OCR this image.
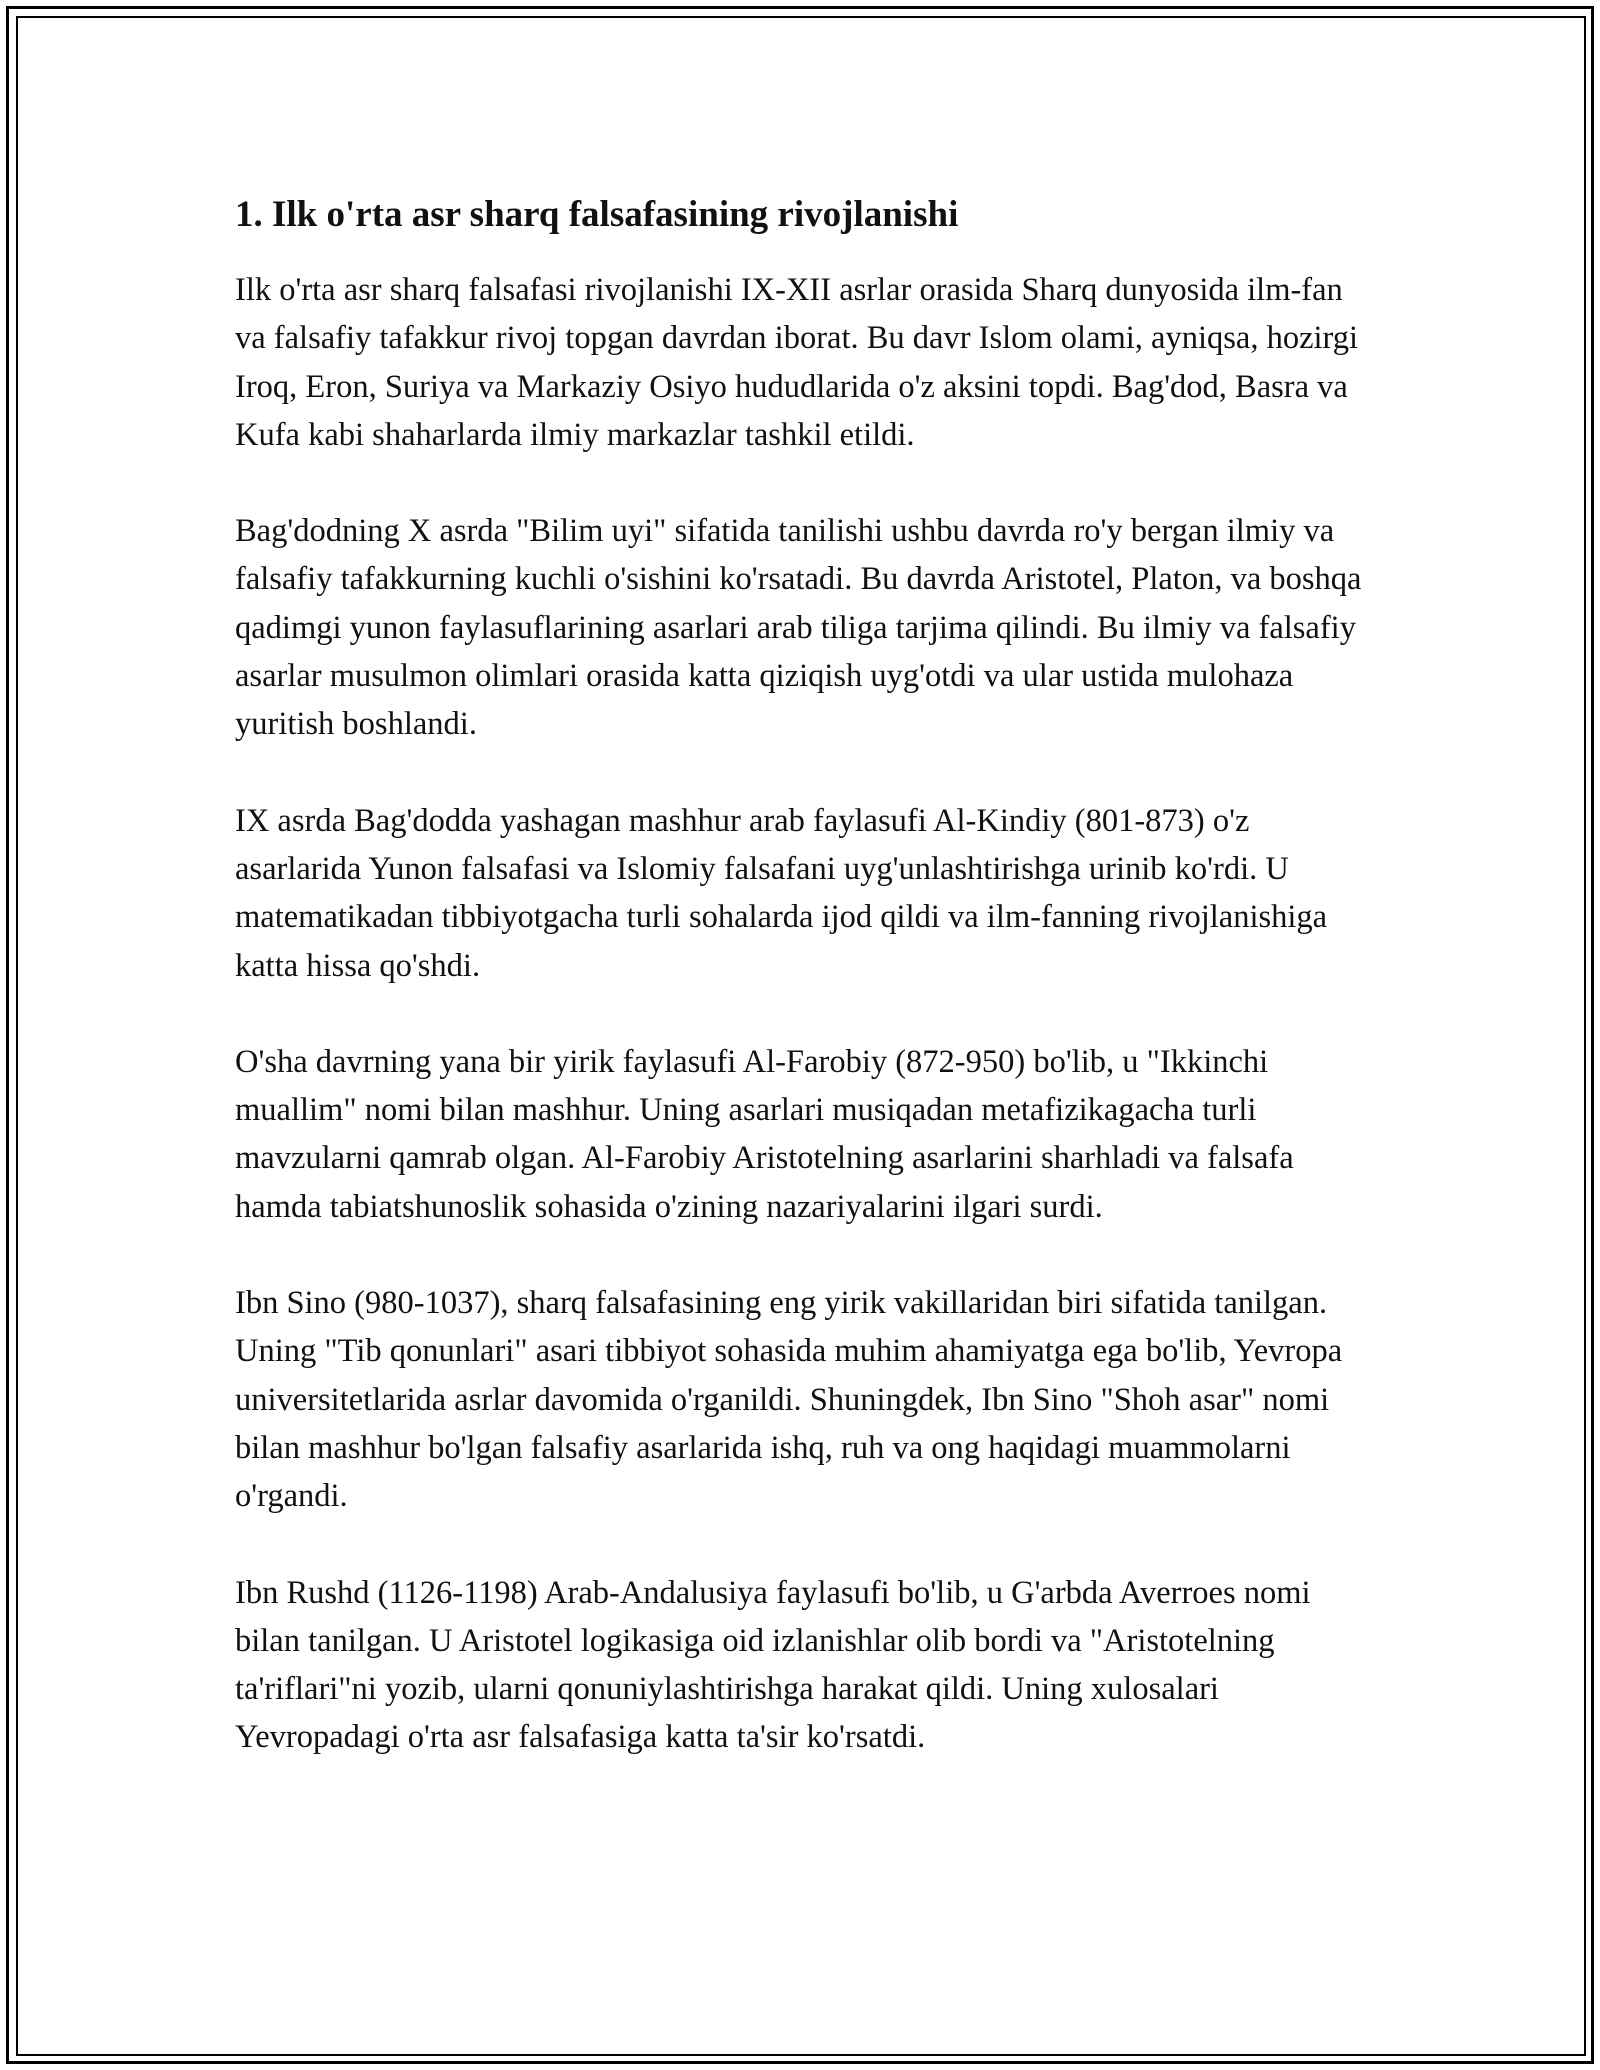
1. Ilk o'rta asr sharq falsafasining rivojlanishi

Ilk o'rta asr sharq falsafasi rivojlanishi IX-XII asrlar orasida Sharq dunyosida ilm-fan va falsafiy tafakkur rivoj topgan davrdan iborat. Bu davr Islom olami, ayniqsa, hozirgi Iroq, Eron, Suriya va Markaziy Osiyo hududlarida o'z aksini topdi. Bag'dod, Basra va Kufa kabi shaharlarda ilmiy markazlar tashkil etildi.

Bag'dodning X asrda "Bilim uyi" sifatida tanilishi ushbu davrda ro'y bergan ilmiy va falsafiy tafakkurning kuchli o'sishini ko'rsatadi. Bu davrda Aristotel, Platon, va boshqa qadimgi yunon faylasuflarining asarlari arab tiliga tarjima qilindi. Bu ilmiy va falsafiy asarlar musulmon olimlari orasida katta qiziqish uyg'otdi va ular ustida mulohaza yuritish boshlandi.

IX asrda Bag'dodda yashagan mashhur arab faylasufi Al-Kindiy (801-873) o'z asarlarida Yunon falsafasi va Islomiy falsafani uyg'unlashtirishga urinib ko'rdi. U matematikadan tibbiyotgacha turli sohalarda ijod qildi va ilm-fanning rivojlanishiga katta hissa qo'shdi.

O'sha davrning yana bir yirik faylasufi Al-Farobiy (872-950) bo'lib, u "Ikkinchi muallim" nomi bilan mashhur. Uning asarlari musiqadan metafizikagacha turli mavzularni qamrab olgan. Al-Farobiy Aristotelning asarlarini sharhladi va falsafa hamda tabiatshunoslik sohasida o'zining nazariyalarini ilgari surdi.

Ibn Sino (980-1037), sharq falsafasining eng yirik vakillaridan biri sifatida tanilgan. Uning "Tib qonunlari" asari tibbiyot sohasida muhim ahamiyatga ega bo'lib, Yevropa universitetlarida asrlar davomida o'rganildi. Shuningdek, Ibn Sino "Shoh asar" nomi bilan mashhur bo'lgan falsafiy asarlarida ishq, ruh va ong haqidagi muammolarni o'rgandi.

Ibn Rushd (1126-1198) Arab-Andalusiya faylasufi bo'lib, u G'arbda Averroes nomi bilan tanilgan. U Aristotel logikasiga oid izlanishlar olib bordi va "Aristotelning ta'riflari"ni yozib, ularni qonuniylashtirishga harakat qildi. Uning xulosalari Yevropadagi o'rta asr falsafasiga katta ta'sir ko'rsatdi.
